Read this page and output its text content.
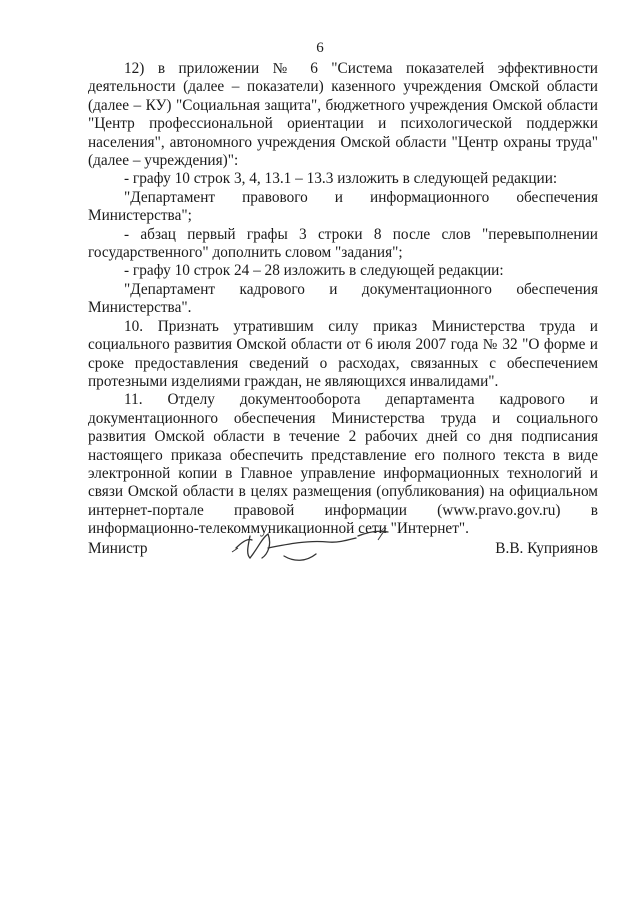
6

12) в приложении № 6 "Система показателей эффективности деятельности (далее – показатели) казенного учреждения Омской области (далее – КУ) "Социальная защита", бюджетного учреждения Омской области "Центр профессиональной ориентации и психологической поддержки населения", автономного учреждения Омской области "Центр охраны труда" (далее – учреждения)":

- графу 10 строк 3, 4, 13.1 – 13.3 изложить в следующей редакции:

"Департамент правового и информационного обеспечения Министерства";

- абзац первый графы 3 строки 8 после слов "перевыполнении государственного" дополнить словом "задания";

- графу 10 строк 24 – 28 изложить в следующей редакции:

"Департамент кадрового и документационного обеспечения Министерства".

10. Признать утратившим силу приказ Министерства труда и социального развития Омской области от 6 июля 2007 года № 32 "О форме и сроке предоставления сведений о расходах, связанных с обеспечением протезными изделиями граждан, не являющихся инвалидами".

11. Отделу документооборота департамента кадрового и документационного обеспечения Министерства труда и социального развития Омской области в течение 2 рабочих дней со дня подписания настоящего приказа обеспечить представление его полного текста в виде электронной копии в Главное управление информационных технологий и связи Омской области в целях размещения (опубликования) на официальном интернет-портале правовой информации (www.pravo.gov.ru) в информационно-телекоммуникационной сети "Интернет".

Министр	В.В. Куприянов
